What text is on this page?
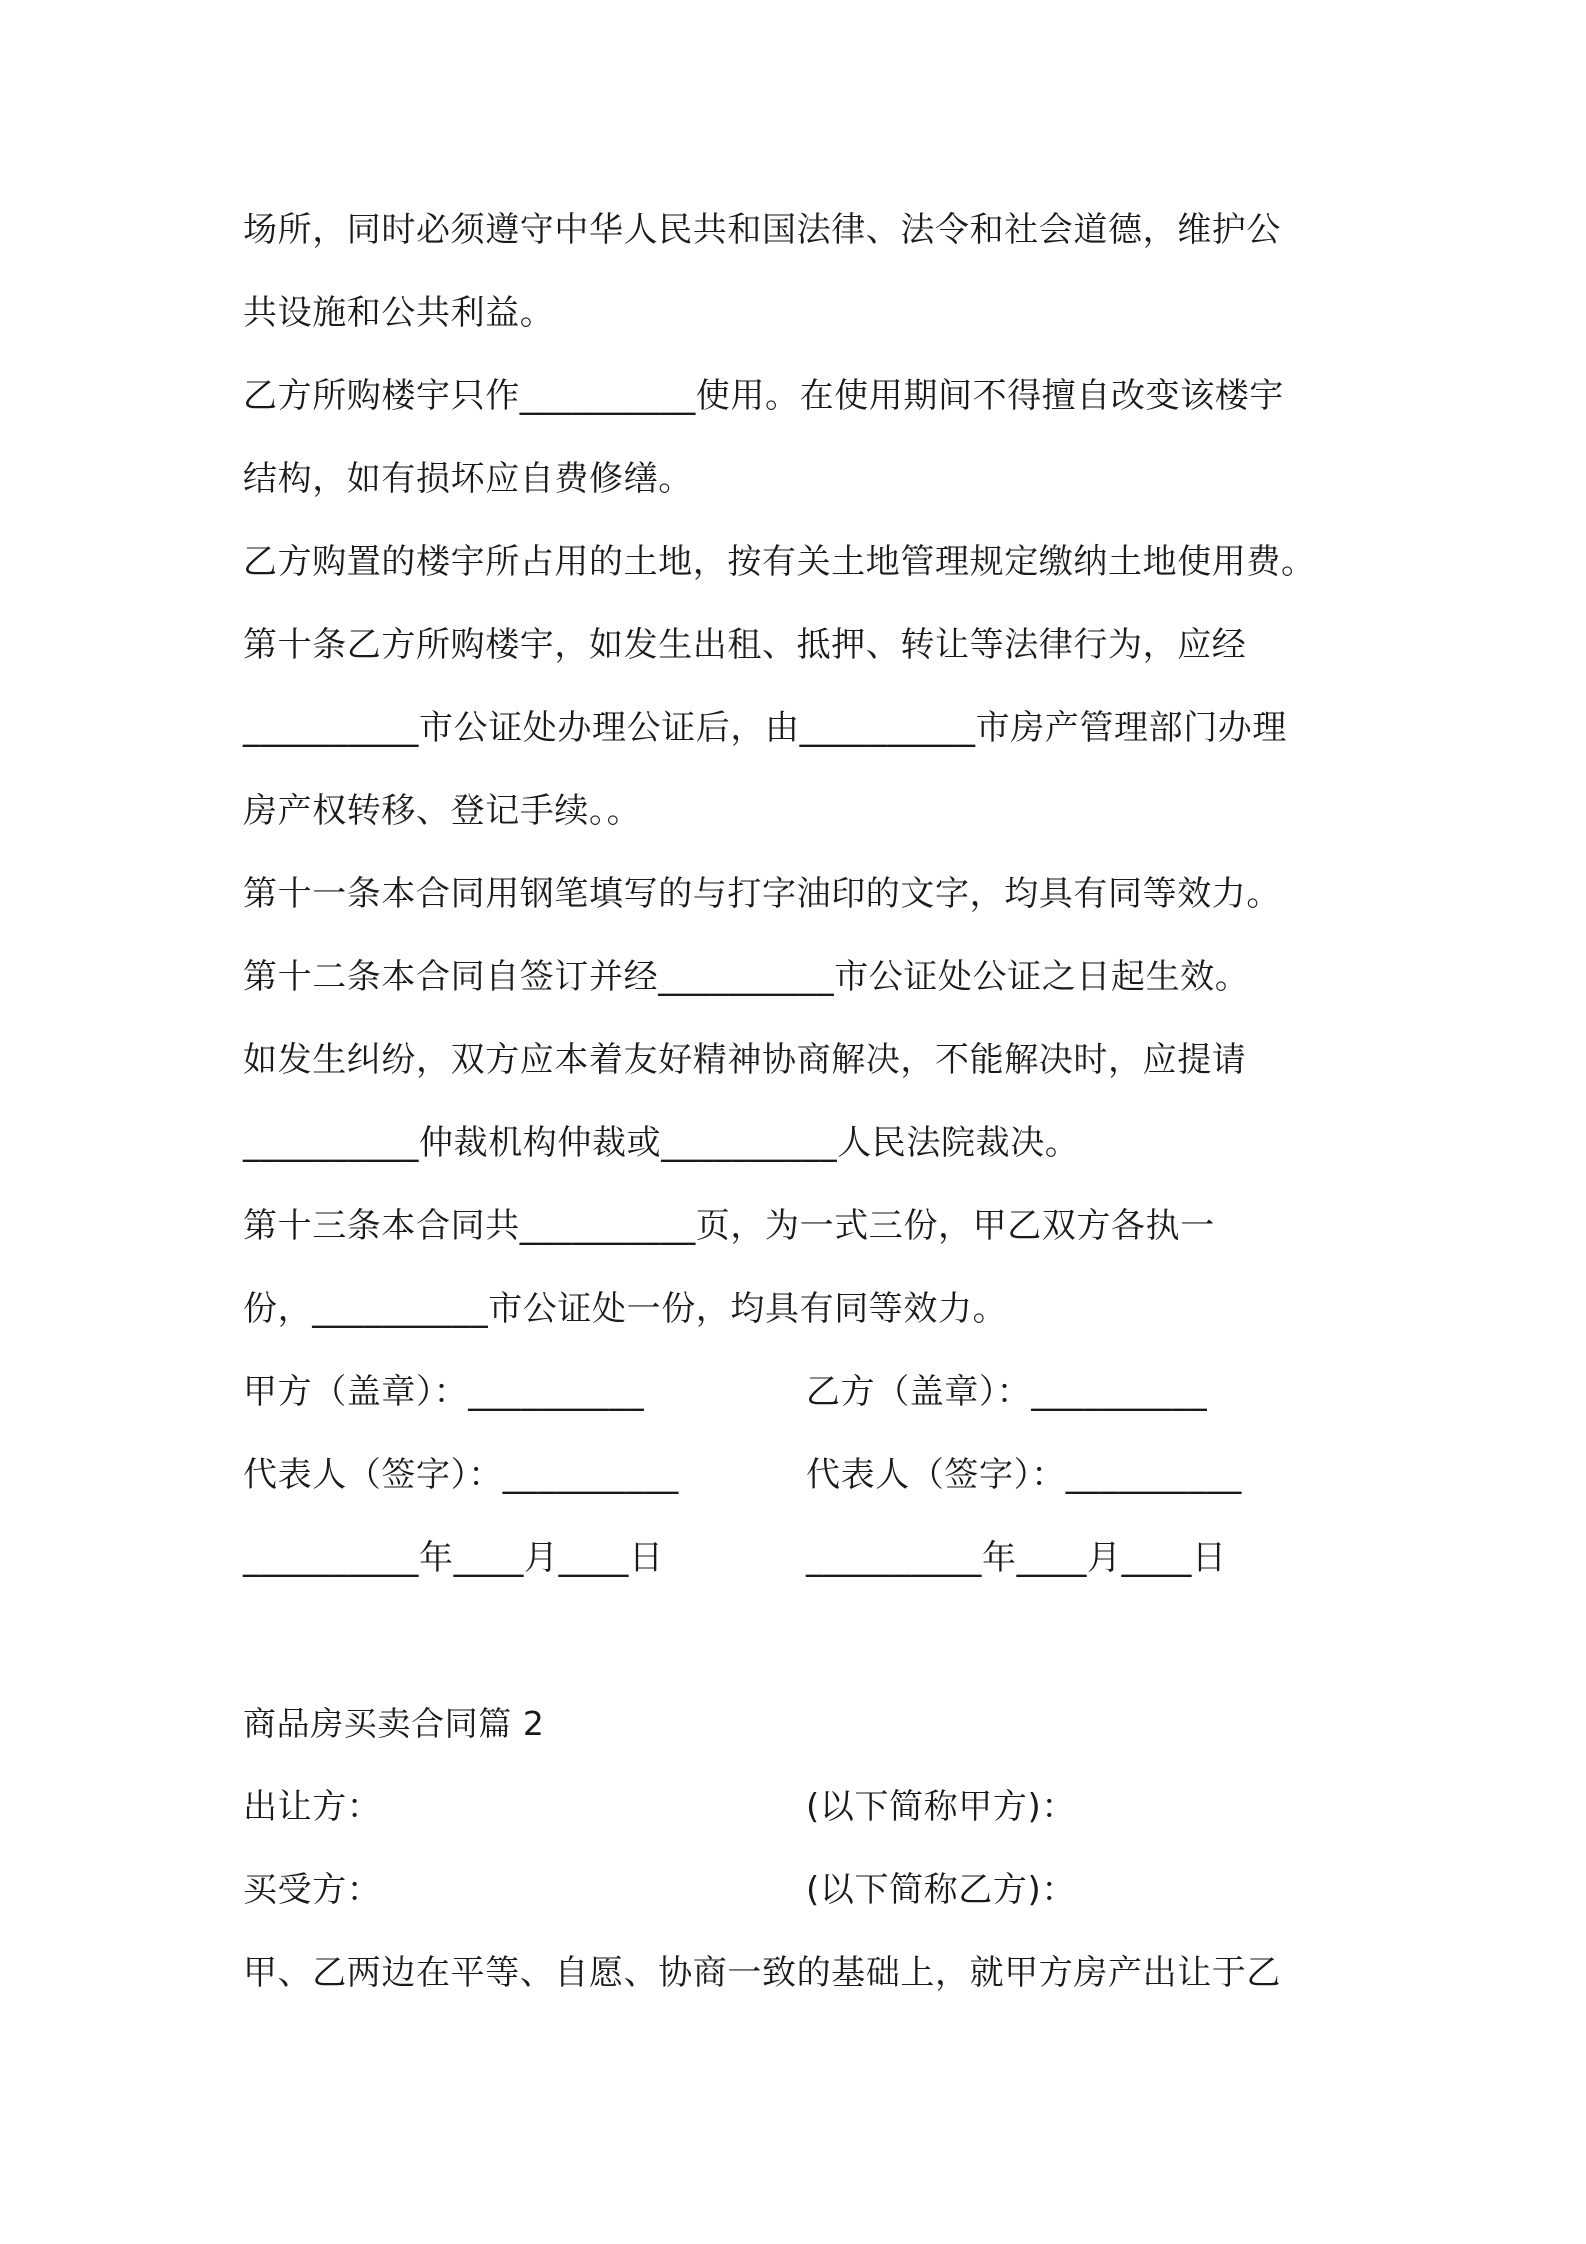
场所，同时必须遵守中华人民共和国法律、法令和社会道德，维护公
共设施和公共利益。
乙方所购楼宇只作__________使用。在使用期间不得擅自改变该楼宇
结构，如有损坏应自费修缮。
乙方购置的楼宇所占用的土地，按有关土地管理规定缴纳土地使用费。
第十条乙方所购楼宇，如发生出租、抵押、转让等法律行为，应经
__________市公证处办理公证后，由__________市房产管理部门办理
房产权转移、登记手续。。
第十一条本合同用钢笔填写的与打字油印的文字，均具有同等效力。
第十二条本合同自签订并经__________市公证处公证之日起生效。
如发生纠纷，双方应本着友好精神协商解决，不能解决时，应提请
__________仲裁机构仲裁或__________人民法院裁决。
第十三条本合同共__________页，为一式三份，甲乙双方各执一
份，__________市公证处一份，均具有同等效力。
甲方（盖章）：__________	乙方（盖章）：__________
代表人（签字）：__________	代表人（签字）：__________
__________年____月____日	__________年____月____日
商品房买卖合同篇 2
出让方：	(以下简称甲方)：
买受方：	(以下简称乙方)：
甲、乙两边在平等、自愿、协商一致的基础上，就甲方房产出让于乙
